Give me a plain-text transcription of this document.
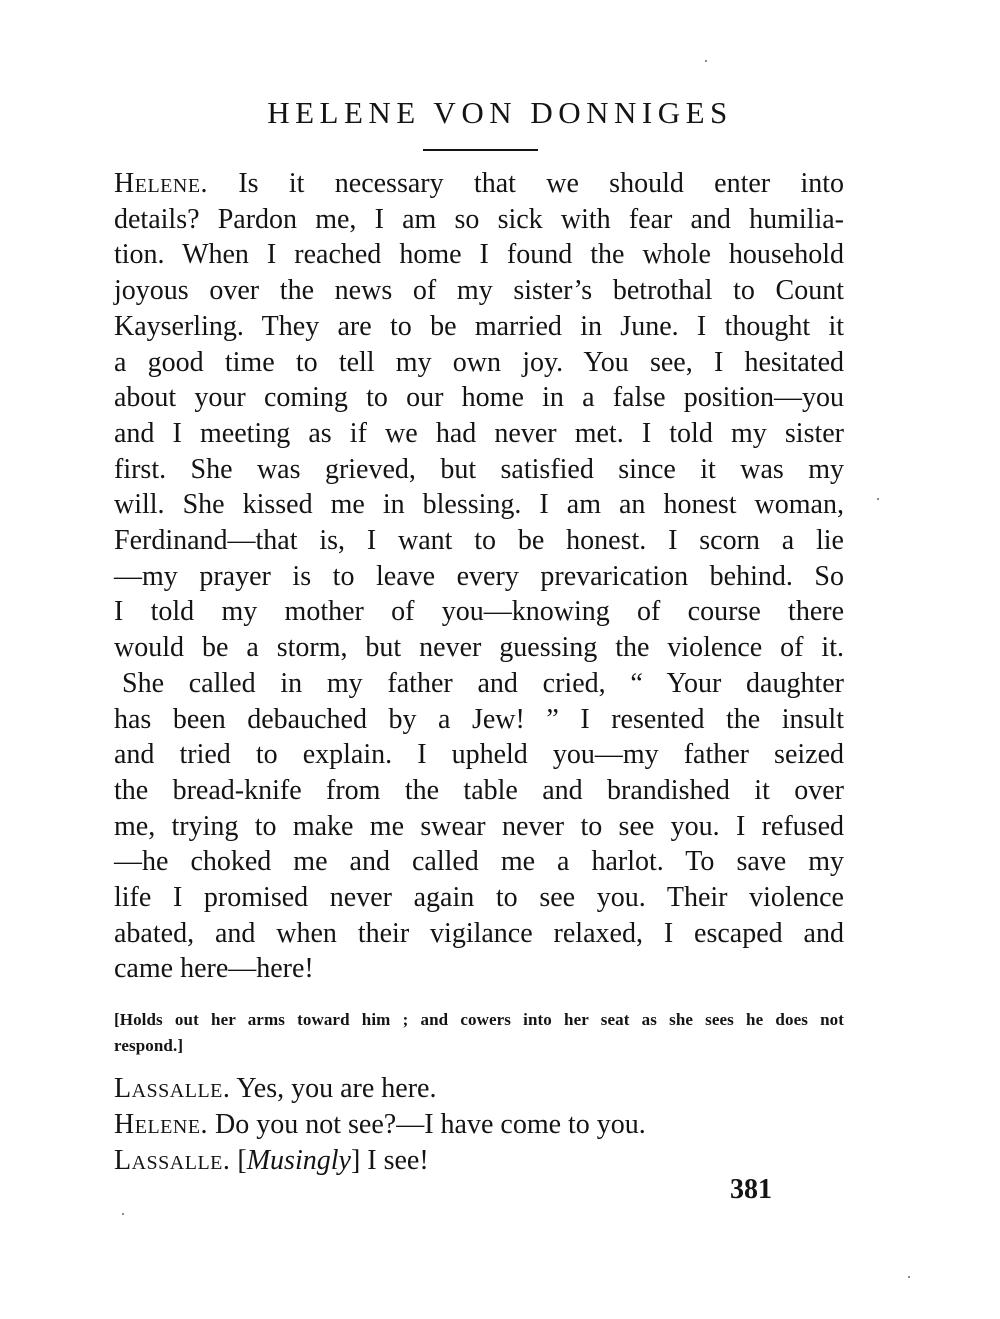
HELENE VON DONNIGES
Helene. Is it necessary that we should enter into
details? Pardon me, I am so sick with fear and humilia-
tion. When I reached home I found the whole household
joyous over the news of my sister’s betrothal to Count
Kayserling. They are to be married in June. I thought it
a good time to tell my own joy. You see, I hesitated
about your coming to our home in a false position—you
and I meeting as if we had never met. I told my sister
first. She was grieved, but satisfied since it was my
will. She kissed me in blessing. I am an honest woman,
Ferdinand—that is, I want to be honest. I scorn a lie
—my prayer is to leave every prevarication behind. So
I told my mother of you—knowing of course there
would be a storm, but never guessing the violence of it.
She called in my father and cried, “ Your daughter
has been debauched by a Jew! ” I resented the insult
and tried to explain. I upheld you—my father seized
the bread-knife from the table and brandished it over
me, trying to make me swear never to see you. I refused
—he choked me and called me a harlot. To save my
life I promised never again to see you. Their violence
abated, and when their vigilance relaxed, I escaped and
came here—here!
[Holds out her arms toward him ; and cowers into her seat as she sees he does not
respond.]
Lassalle. Yes, you are here.
Helene. Do you not see?—I have come to you.
Lassalle. [Musingly] I see!
381
